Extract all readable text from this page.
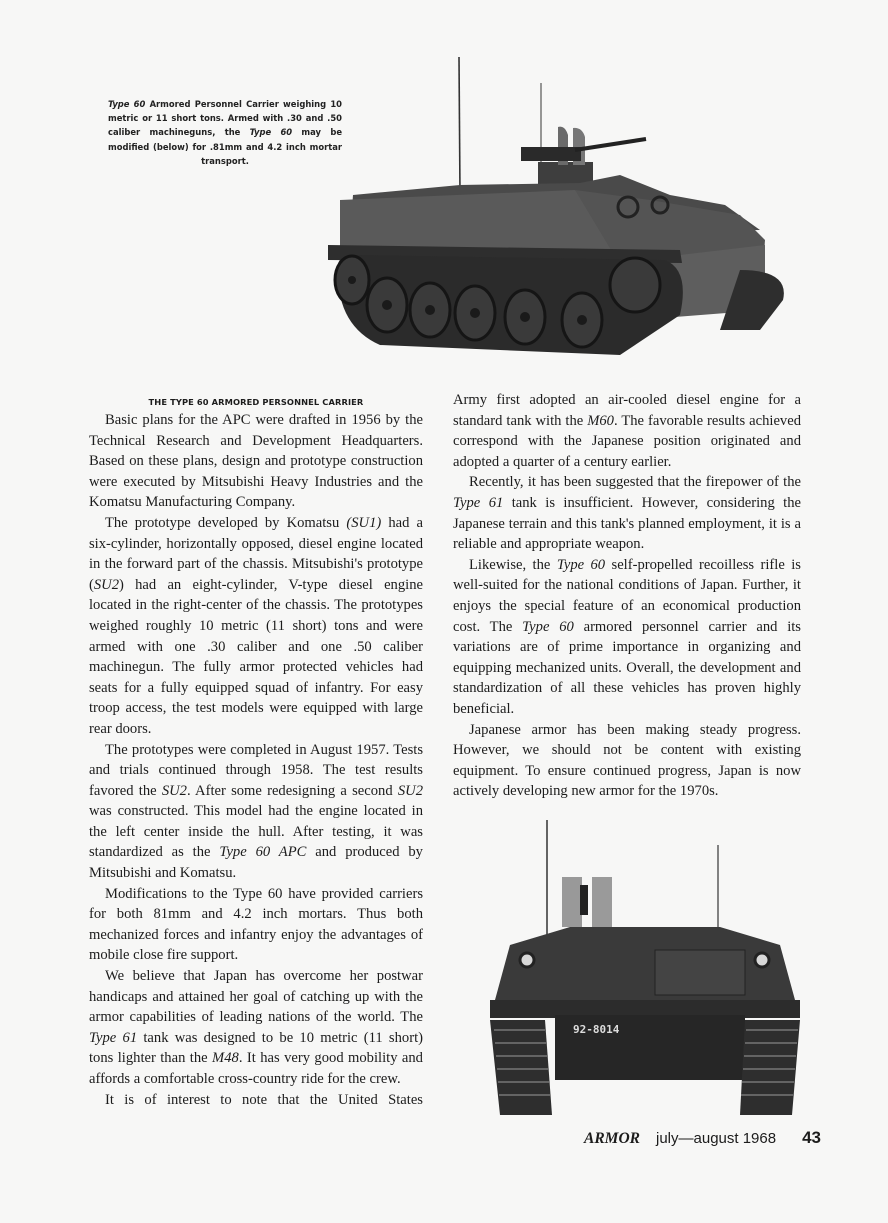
Type 60 Armored Personnel Carrier weighing 10 metric or 11 short tons. Armed with .30 and .50 caliber machineguns, the Type 60 may be modified (below) for .81mm and 4.2 inch mortar transport.
THE TYPE 60 ARMORED PERSONNEL CARRIER

Basic plans for the APC were drafted in 1956 by the Technical Research and Development Headquarters. Based on these plans, design and prototype construction were executed by Mitsubishi Heavy Industries and the Komatsu Manufacturing Company.

The prototype developed by Komatsu (SU1) had a six-cylinder, horizontally opposed, diesel engine located in the forward part of the chassis. Mitsubishi's prototype (SU2) had an eight-cylinder, V-type diesel engine located in the right-center of the chassis. The prototypes weighed roughly 10 metric (11 short) tons and were armed with one .30 caliber and one .50 caliber machinegun. The fully armor protected vehicles had seats for a fully equipped squad of infantry. For easy troop access, the test models were equipped with large rear doors.

The prototypes were completed in August 1957. Tests and trials continued through 1958. The test results favored the SU2. After some redesigning a second SU2 was constructed. This model had the engine located in the left center inside the hull. After testing, it was standardized as the Type 60 APC and produced by Mitsubishi and Komatsu.

Modifications to the Type 60 have provided carriers for both 81mm and 4.2 inch mortars. Thus both mechanized forces and infantry enjoy the advantages of mobile close fire support.

We believe that Japan has overcome her postwar handicaps and attained her goal of catching up with the armor capabilities of leading nations of the world. The Type 61 tank was designed to be 10 metric (11 short) tons lighter than the M48. It has very good mobility and affords a comfortable cross-country ride for the crew.

It is of interest to note that the United States

Army first adopted an air-cooled diesel engine for a standard tank with the M60. The favorable results achieved correspond with the Japanese position originated and adopted a quarter of a century earlier.

Recently, it has been suggested that the firepower of the Type 61 tank is insufficient. However, considering the Japanese terrain and this tank's planned employment, it is a reliable and appropriate weapon.

Likewise, the Type 60 self-propelled recoilless rifle is well-suited for the national conditions of Japan. Further, it enjoys the special feature of an economical production cost. The Type 60 armored personnel carrier and its variations are of prime importance in organizing and equipping mechanized units. Overall, the development and standardization of all these vehicles has proven highly beneficial.

Japanese armor has been making steady progress. However, we should not be content with existing equipment. To ensure continued progress, Japan is now actively developing new armor for the 1970s.

92-8014
ARMOR july—august 1968 43
